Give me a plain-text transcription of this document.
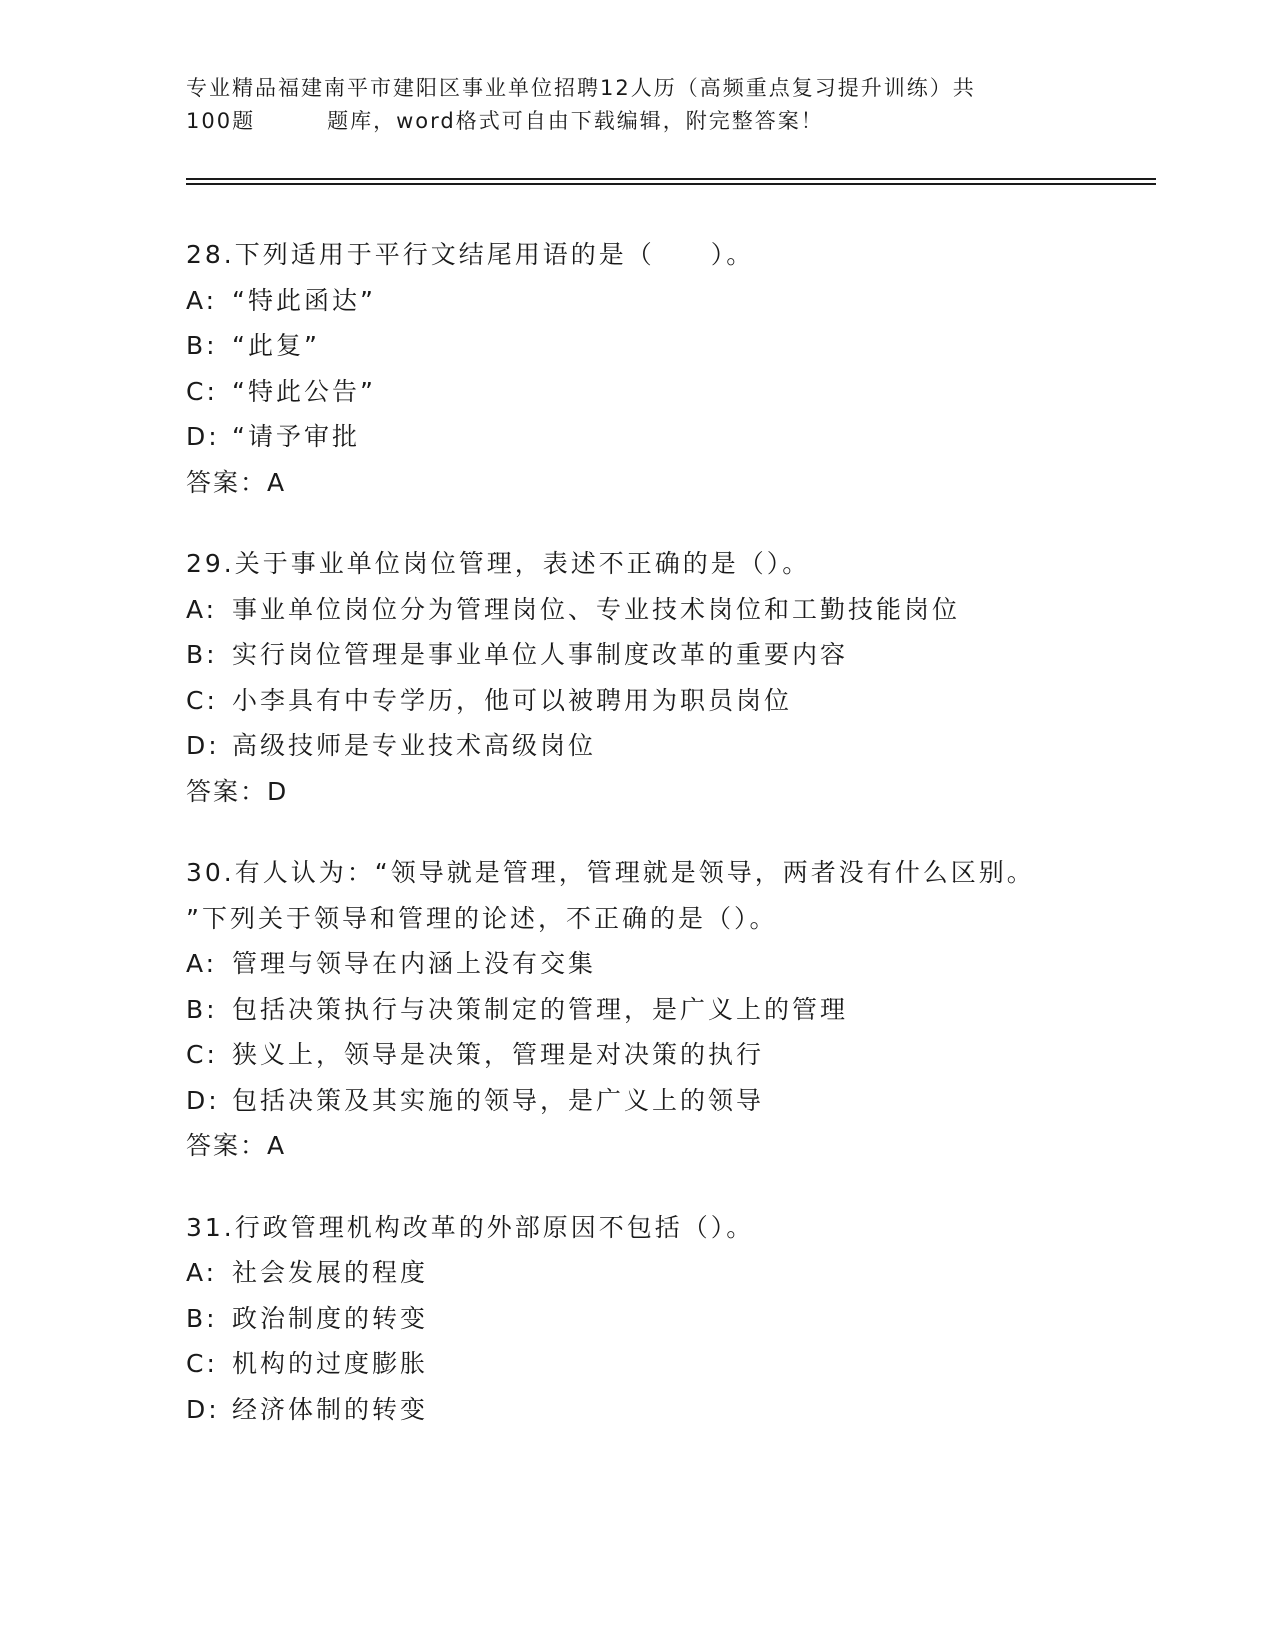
专业精品福建南平市建阳区事业单位招聘12人历（高频重点复习提升训练）共
100题	题库，word格式可自由下载编辑，附完整答案！
28.下列适用于平行文结尾用语的是（　　）。
A: “特此函达”
B: “此复”
C: “特此公告”
D: “请予审批
答案：A
29.关于事业单位岗位管理，表述不正确的是（）。
A: 事业单位岗位分为管理岗位、专业技术岗位和工勤技能岗位
B: 实行岗位管理是事业单位人事制度改革的重要内容
C: 小李具有中专学历，他可以被聘用为职员岗位
D: 高级技师是专业技术高级岗位
答案：D
30.有人认为：“领导就是管理，管理就是领导，两者没有什么区别。
”下列关于领导和管理的论述，不正确的是（）。
A: 管理与领导在内涵上没有交集
B: 包括决策执行与决策制定的管理，是广义上的管理
C: 狭义上，领导是决策，管理是对决策的执行
D: 包括决策及其实施的领导，是广义上的领导
答案：A
31.行政管理机构改革的外部原因不包括（）。
A: 社会发展的程度
B: 政治制度的转变
C: 机构的过度膨胀
D: 经济体制的转变
